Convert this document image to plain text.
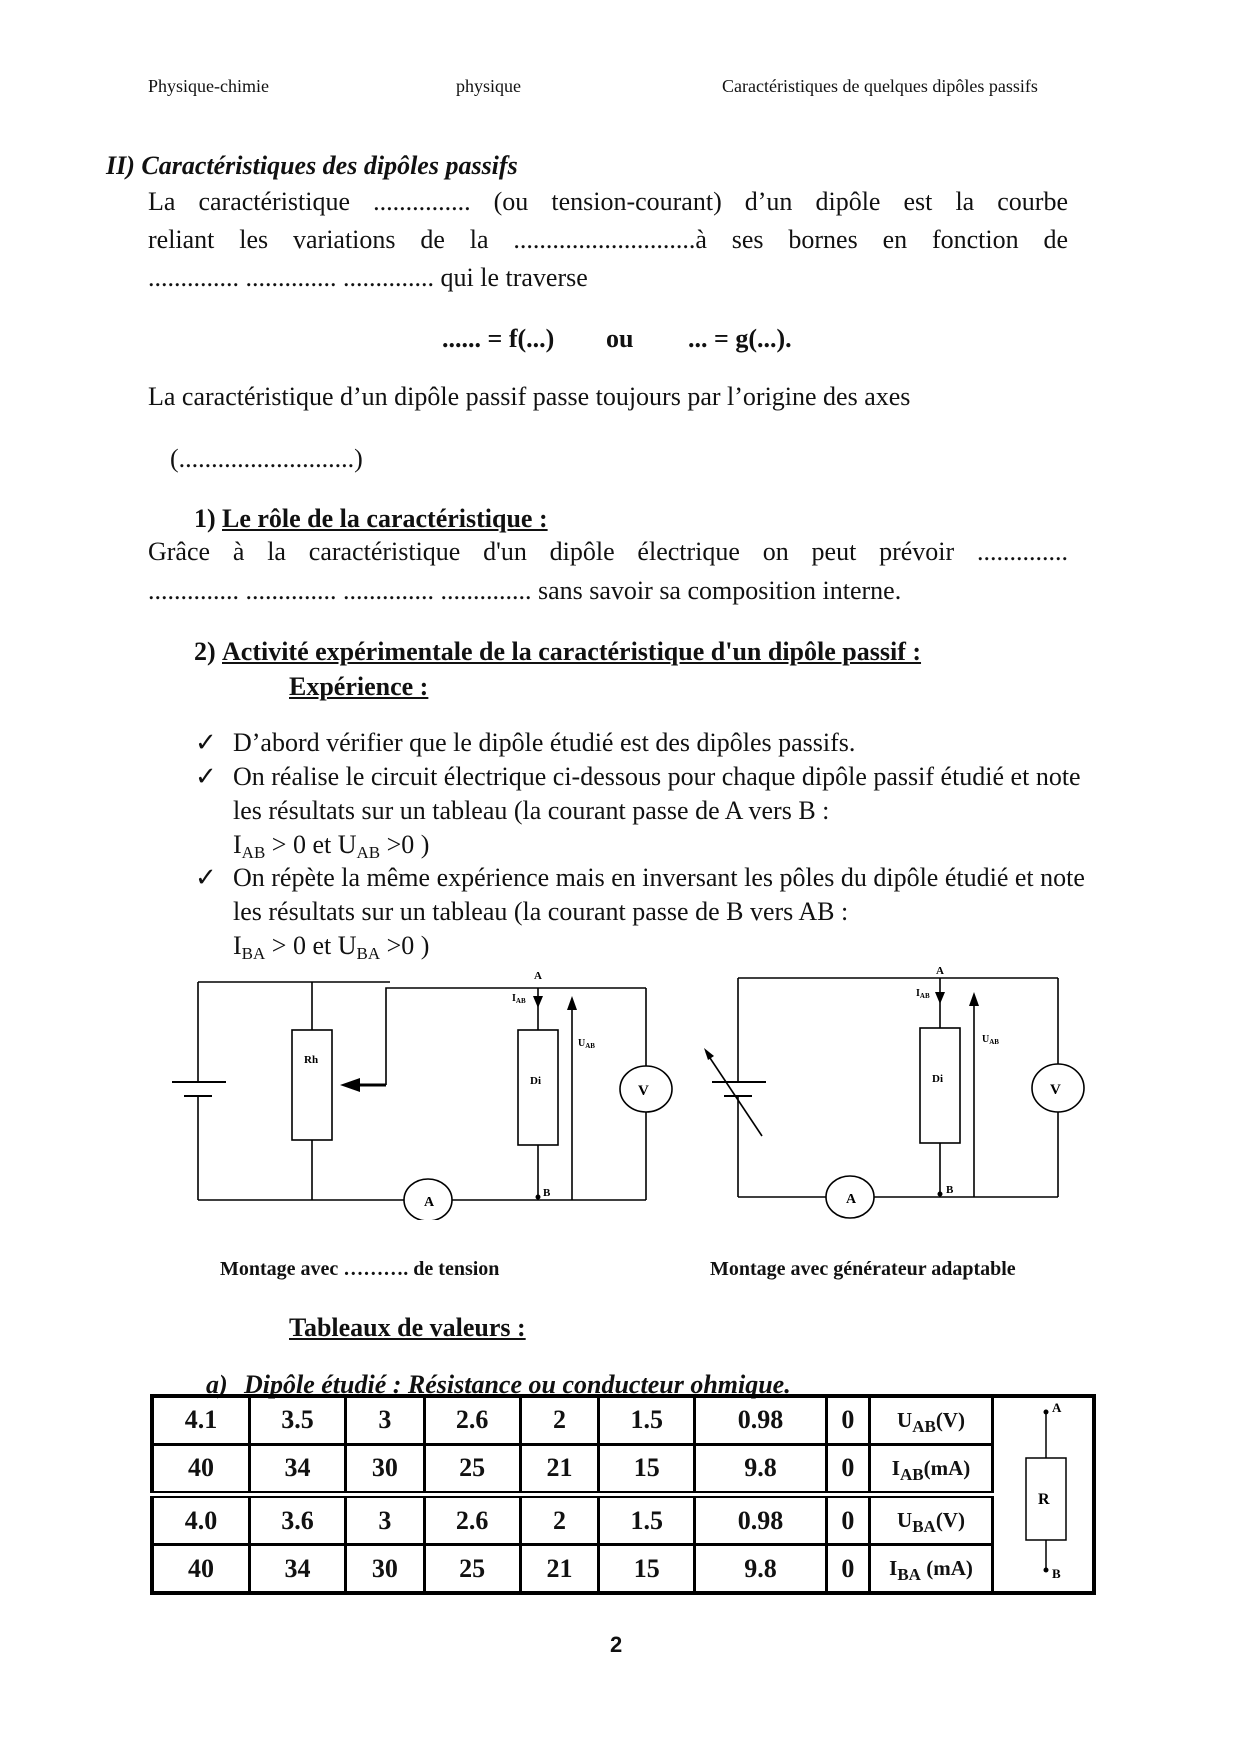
Physique-chimie	physique	Caractéristiques de quelques dipôles passifs
II) Caractéristiques des dipôles passifs
La caractéristique ............... (ou tension-courant) d’un dipôle est la courbe
reliant les variations de la ............................à ses bornes en fonction de
.............. .............. .............. qui le traverse
...... = f(...) ou ... = g(...).
La caractéristique d’un dipôle passif passe toujours par l’origine des axes
(...........................)
1) Le rôle de la caractéristique :
Grâce à la caractéristique d'un dipôle électrique on peut prévoir ..............
.............. .............. .............. .............. sans savoir sa composition interne.
2) Activité expérimentale de la caractéristique d'un dipôle passif :
Expérience :
✓ D’abord vérifier que le dipôle étudié est des dipôles passifs.
✓ On réalise le circuit électrique ci-dessous pour chaque dipôle passif étudié et note les résultats sur un tableau (la courant passe de A vers B :
$I_{AB} > 0$ et $U_{AB} >0$ )
✓ On répète la même expérience mais en inversant les pôles du dipôle étudié et note les résultats sur un tableau (la courant passe de B vers AB :
$I_{BA} > 0$ et $U_{BA} >0$ )
Rh
Di
V
A
A
B
$I_{AB}$
$U_{AB}$
Montage avec ………. de tension
Di
V
A
A
B
$I_{AB}$
$U_{AB}$
Montage avec générateur adaptable
Tableaux de valeurs :
a) Dipôle étudié : Résistance ou conducteur ohmique.
4.1	3.5	3	2.6	2	1.5	0.98	0	$U_{AB}(V)$	A
R
B

40	34	30	25	21	15	9.8	0	$I_{AB}(mA)$	
4.0	3.6	3	2.6	2	1.5	0.98	0	$U_{BA}(V)$	
40	34	30	25	21	15	9.8	0	$I_{BA}$ (mA)	
2
